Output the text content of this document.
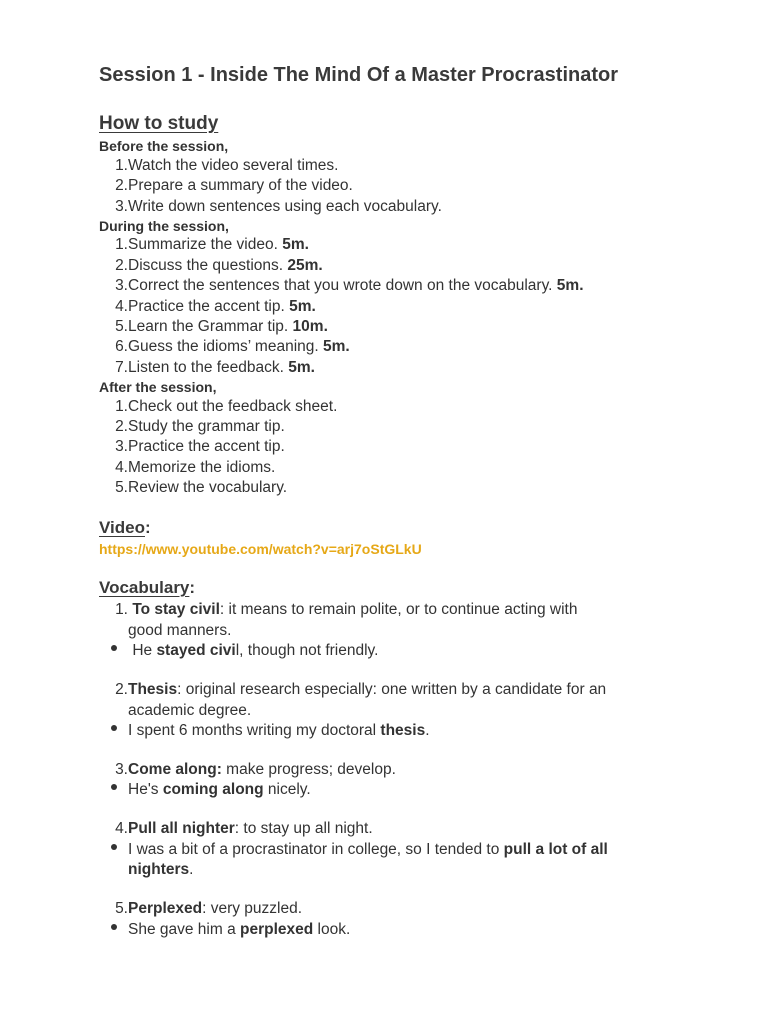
Session 1 - Inside The Mind Of a Master Procrastinator
How to study
Before the session,
1.Watch the video several times.
2.Prepare a summary of the video.
3.Write down sentences using each vocabulary.
During the session,
1.Summarize the video. 5m.
2.Discuss the questions. 25m.
3.Correct the sentences that you wrote down on the vocabulary. 5m.
4.Practice the accent tip. 5m.
5.Learn the Grammar tip. 10m.
6.Guess the idioms’ meaning. 5m.
7.Listen to the feedback. 5m.
After the session,
1.Check out the feedback sheet.
2.Study the grammar tip.
3.Practice the accent tip.
4.Memorize the idioms.
5.Review the vocabulary.
Video:
https://www.youtube.com/watch?v=arj7oStGLkU
Vocabulary:
1. To stay civil: it means to remain polite, or to continue acting with
good manners.
He stayed civil, though not friendly.
2.Thesis: original research especially: one written by a candidate for an
academic degree.
I spent 6 months writing my doctoral thesis.
3.Come along: make progress; develop.
He's coming along nicely.
4.Pull all nighter: to stay up all night.
I was a bit of a procrastinator in college, so I tended to pull a lot of all
nighters.
5.Perplexed: very puzzled.
She gave him a perplexed look.
